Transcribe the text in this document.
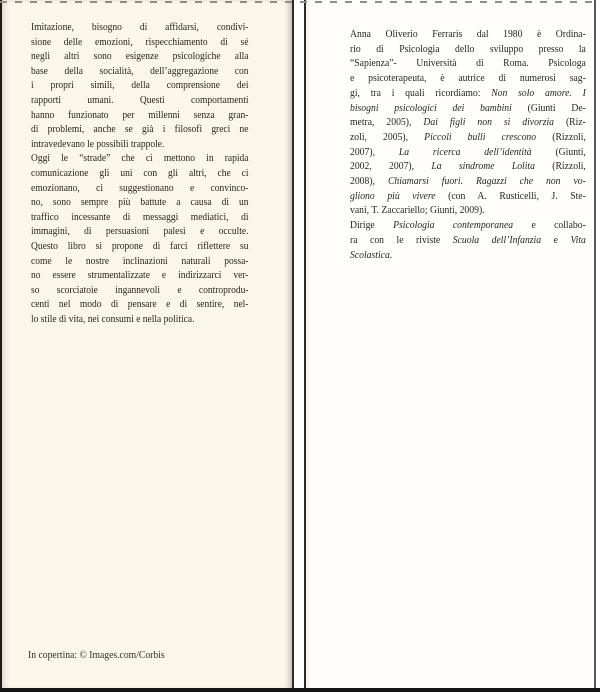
Imitazione, bisogno di affidarsi, condivi-
sione delle emozioni, rispecchiamento di sé
negli altri sono esigenze psicologiche alla
base della socialità, dell’aggregazione con
i propri simili, della comprensione dei
rapporti umani. Questi comportamenti
hanno funzionato per millenni senza gran-
di problemi, anche se già i filosofi greci ne
intravedevano le possibili trappole.
Oggi le “strade” che ci mettono in rapida
comunicazione gli uni con gli altri, che ci
emozionano, ci suggestionano e convinco-
no, sono sempre più battute a causa di un
traffico incessante di messaggi mediatici, di
immagini, di persuasioni palesi e occulte.
Questo libro si propone di farci riflettere su
come le nostre inclinazioni naturali possa-
no essere strumentalizzate e indirizzarci ver-
so scorciatoie ingannevoli e controprodu-
centi nel modo di pensare e di sentire, nel-
lo stile di vita, nei consumi e nella politica.
In copertina: © Images.com/Corbis
Anna Oliverio Ferraris dal 1980 è Ordina-
rio di Psicologia dello sviluppo presso la
“Sapienza”- Università di Roma. Psicologa
e psicoterapeuta, è autrice di numerosi sag-
gi, tra i quali ricordiamo: Non solo amore. I
bisogni psicologici dei bambini (Giunti De-
metra, 2005), Dai figli non si divorzia (Riz-
zoli, 2005), Piccoli bulli crescono (Rizzoli,
2007), La ricerca dell’identità (Giunti,
2002, 2007), La sindrome Lolita (Rizzoli,
2008), Chiamarsi fuori. Ragazzi che non vo-
gliono più vivere (con A. Rusticelli, J. Ste-
vani, T. Zaccariello; Giunti, 2009).
Dirige Psicologia contemporanea e collabo-
ra con le riviste Scuola dell’Infanzia e Vita
Scolastica.
